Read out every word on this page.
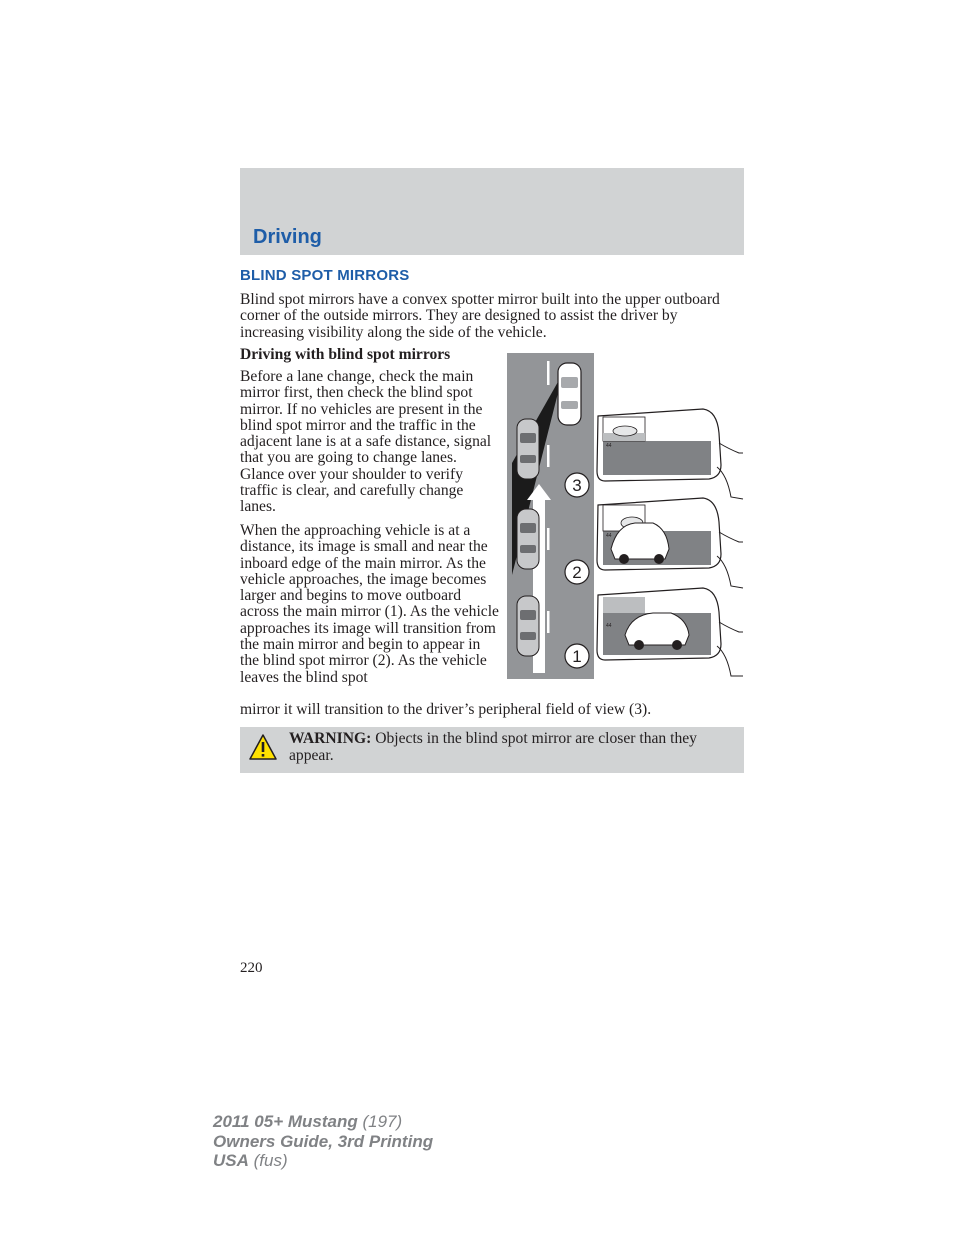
Driving
BLIND SPOT MIRRORS
Blind spot mirrors have a convex spotter mirror built into the upper outboard corner of the outside mirrors. They are designed to assist the driver by increasing visibility along the side of the vehicle.
Driving with blind spot mirrors
Before a lane change, check the main mirror first, then check the blind spot mirror. If no vehicles are present in the blind spot mirror and the traffic in the adjacent lane is at a safe distance, signal that you are going to change lanes. Glance over your shoulder to verify traffic is clear, and carefully change lanes.
When the approaching vehicle is at a distance, its image is small and near the inboard edge of the main mirror. As the vehicle approaches, the image becomes larger and begins to move outboard across the main mirror (1). As the vehicle approaches its image will transition from the main mirror and begin to appear in the blind spot mirror (2). As the vehicle leaves the blind spot
mirror it will transition to the driver’s peripheral field of view (3).
44
44
44
3
2
1
WARNING: Objects in the blind spot mirror are closer than they appear.
220
2011 05+ Mustang (197)
Owners Guide, 3rd Printing
USA (fus)
